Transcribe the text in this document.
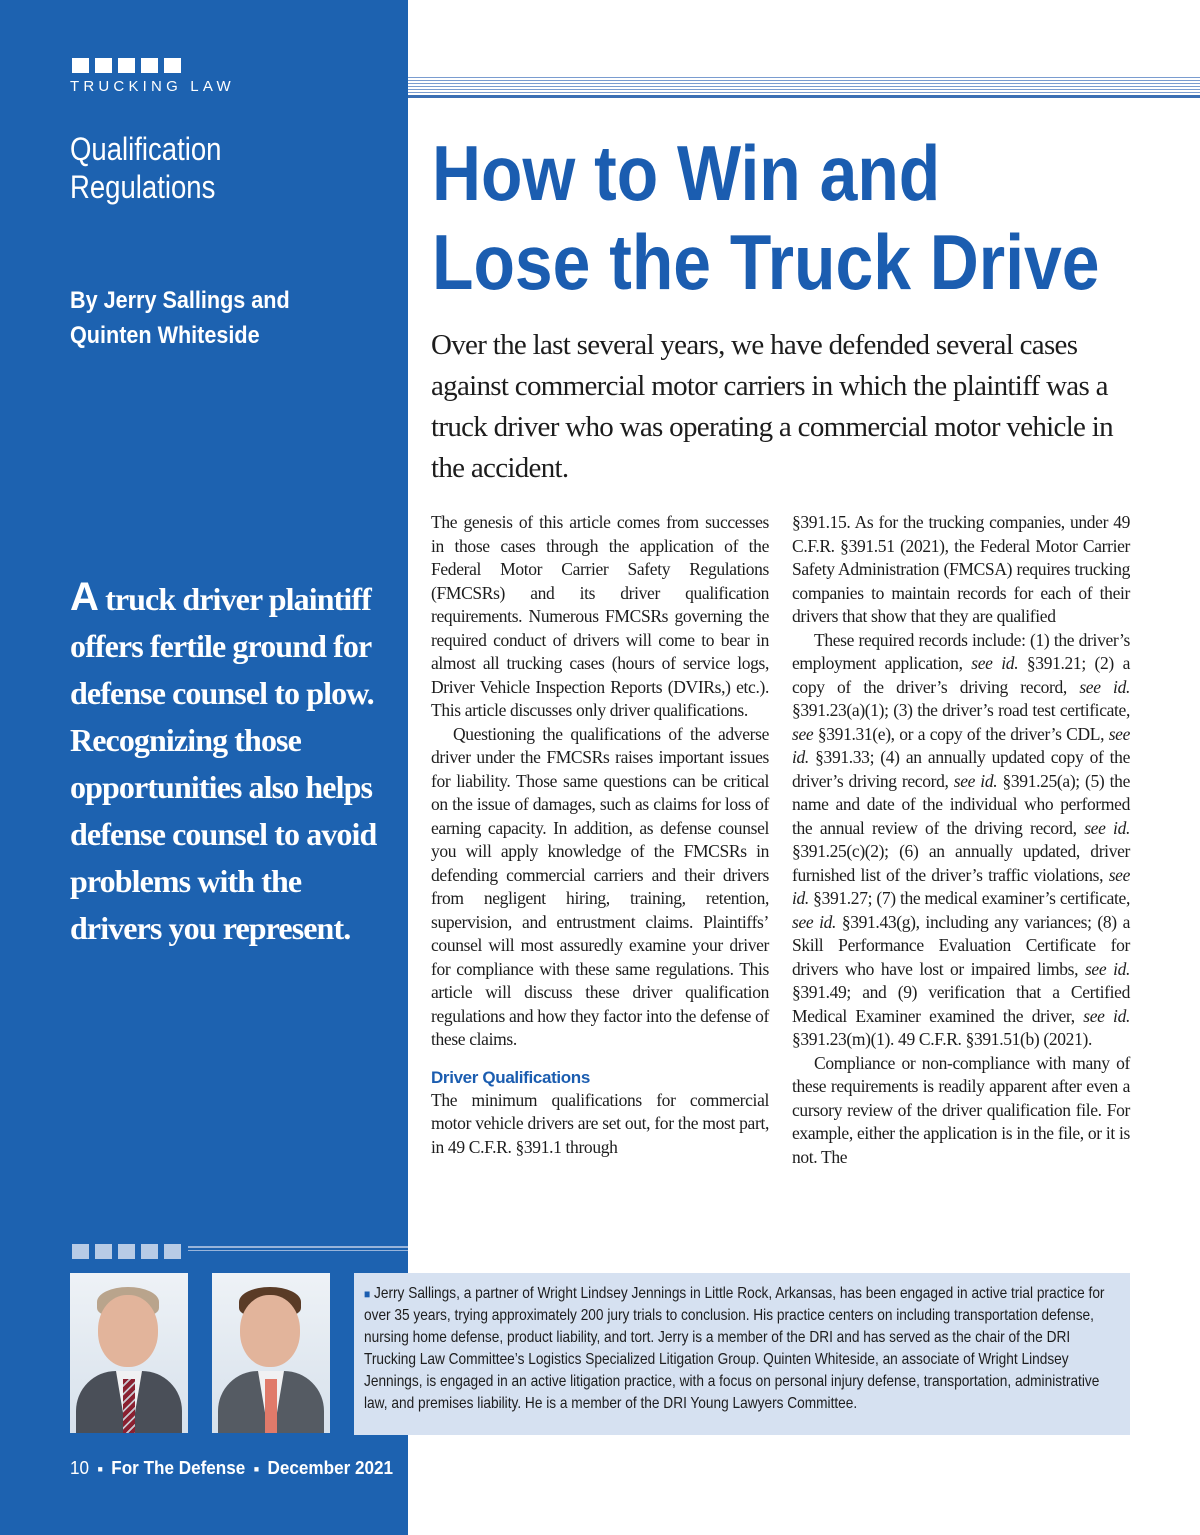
TRUCKING LAW

Qualification Regulations

By Jerry Sallings and
Quinten Whiteside

A truck driver plaintiff offers fertile ground for defense counsel to plow. Recognizing those opportunities also helps defense counsel to avoid problems with the drivers you represent.

How to Win and
Lose the Truck Drive

Over the last several years, we have defended several cases against commercial motor carriers in which the plaintiff was a truck driver who was operating a commercial motor vehicle in the accident.

The genesis of this article comes from successes in those cases through the application of the Federal Motor Carrier Safety Regulations (FMCSRs) and its driver qualification requirements. Numerous FMCSRs governing the required conduct of drivers will come to bear in almost all trucking cases (hours of service logs, Driver Vehicle Inspection Reports (DVIRs,) etc.). This article discusses only driver qualifications.

Questioning the qualifications of the adverse driver under the FMCSRs raises important issues for liability. Those same questions can be critical on the issue of damages, such as claims for loss of earning capacity. In addition, as defense counsel you will apply knowledge of the FMCSRs in defending commercial carriers and their drivers from negligent hiring, training, retention, supervision, and entrustment claims. Plaintiffs’ counsel will most assuredly examine your driver for compliance with these same regulations. This article will discuss these driver qualification regulations and how they factor into the defense of these claims.

Driver Qualifications

The minimum qualifications for commercial motor vehicle drivers are set out, for the most part, in 49 C.F.R. §391.1 through

§391.15. As for the trucking companies, under 49 C.F.R. §391.51 (2021), the Federal Motor Carrier Safety Administration (FMCSA) requires trucking companies to maintain records for each of their drivers that show that they are qualified

These required records include: (1) the driver’s employment application, see id. §391.21; (2) a copy of the driver’s driving record, see id. §391.23(a)(1); (3) the driver’s road test certificate, see §391.31(e), or a copy of the driver’s CDL, see id. §391.33; (4) an annually updated copy of the driver’s driving record, see id. §391.25(a); (5) the name and date of the individual who performed the annual review of the driving record, see id. §391.25(c)(2); (6) an annually updated, driver furnished list of the driver’s traffic violations, see id. §391.27; (7) the medical examiner’s certificate, see id. §391.43(g), including any variances; (8) a Skill Performance Evaluation Certificate for drivers who have lost or impaired limbs, see id. §391.49; and (9) verification that a Certified Medical Examiner examined the driver, see id. §391.23(m)(1). 49 C.F.R. §391.51(b) (2021).

Compliance or non-compliance with many of these requirements is readily apparent after even a cursory review of the driver qualification file. For example, either the application is in the file, or it is not. The

■ Jerry Sallings, a partner of Wright Lindsey Jennings in Little Rock, Arkansas, has been engaged in active trial practice for over 35 years, trying approximately 200 jury trials to conclusion. His practice centers on including transportation defense, nursing home defense, product liability, and tort. Jerry is a member of the DRI and has served as the chair of the DRI Trucking Law Committee’s Logistics Specialized Litigation Group. Quinten Whiteside, an associate of Wright Lindsey Jennings, is engaged in an active litigation practice, with a focus on personal injury defense, transportation, administrative law, and premises liability. He is a member of the DRI Young Lawyers Committee.

10 ■ For The Defense ■ December 2021
